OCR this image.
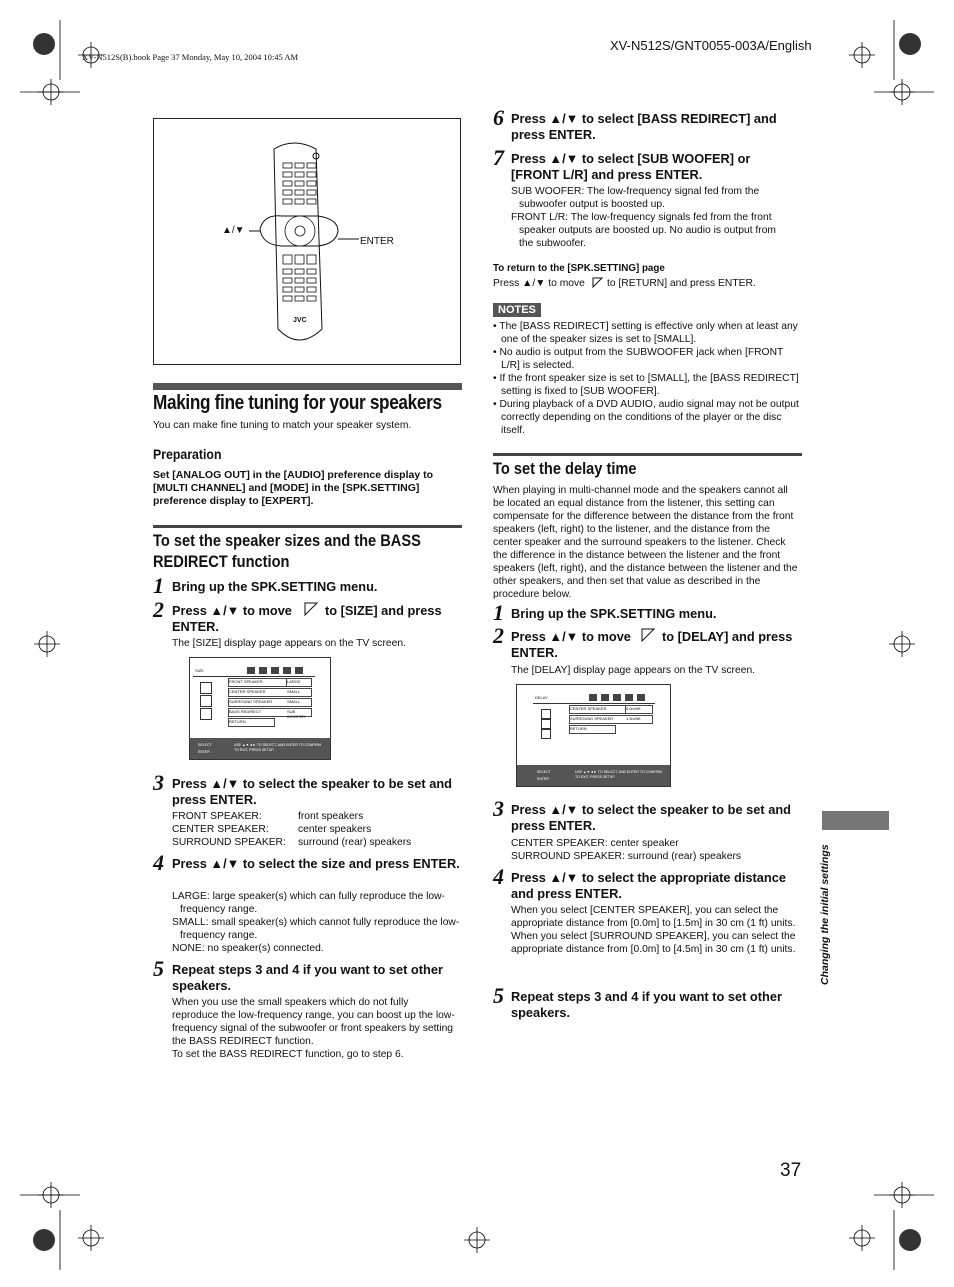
XV-N512S/GNT0055-003A/English
XV-N512S(B).book Page 37 Monday, May 10, 2004 10:45 AM
▲/▼
ENTER
JVC
Making fine tuning for your speakers
You can make fine tuning to match your speaker system.
Preparation
Set [ANALOG OUT] in the [AUDIO] preference display to [MULTI CHANNEL] and [MODE] in the [SPK.SETTING] preference display to [EXPERT].
To set the speaker sizes and the BASS
REDIRECT function
1 Bring up the SPK.SETTING menu.
2 Press ▲/▼ to move	to [SIZE] and press
ENTER.
The [SIZE] display page appears on the TV screen.
SIZE
FRONT SPEAKER	LARGE
CENTER SPEAKER	SMALL
SURROUND SPEAKER	SMALL
BASS REDIRECT	SUB WOOFER
RETURN
SELECT
ENTER
USE ▲▼◄► TO SELECT, AND ENTER TO CONFIRM
TO EXIT, PRESS SETUP.
3 Press ▲/▼ to select the speaker to be set and press ENTER.
FRONT SPEAKER:	front speakers
CENTER SPEAKER:	center speakers
SURROUND SPEAKER:	surround (rear) speakers
4 Press ▲/▼ to select the size and press ENTER.
LARGE: large speaker(s) which can fully reproduce the low-frequency range.
SMALL: small speaker(s) which cannot fully reproduce the low-frequency range.
NONE: no speaker(s) connected.
5 Repeat steps 3 and 4 if you want to set other speakers.
When you use the small speakers which do not fully reproduce the low-frequency range, you can boost up the low-frequency signal of the subwoofer or front speakers by setting the BASS REDIRECT function.
To set the BASS REDIRECT function, go to step 6.
6 Press ▲/▼ to select [BASS REDIRECT] and press ENTER.
7 Press ▲/▼ to select [SUB WOOFER] or [FRONT L/R] and press ENTER.
SUB WOOFER: The low-frequency signal fed from the subwoofer output is boosted up.
FRONT L/R: The low-frequency signals fed from the front speaker outputs are boosted up. No audio is output from the subwoofer.
To return to the [SPK.SETTING] page
Press ▲/▼ to move to [RETURN] and press ENTER.
NOTES
• The [BASS REDIRECT] setting is effective only when at least any one of the speaker sizes is set to [SMALL].
• No audio is output from the SUBWOOFER jack when [FRONT L/R] is selected.
• If the front speaker size is set to [SMALL], the [BASS REDIRECT] setting is fixed to [SUB WOOFER].
• During playback of a DVD AUDIO, audio signal may not be output correctly depending on the conditions of the player or the disc itself.
To set the delay time
When playing in multi-channel mode and the speakers cannot all be located an equal distance from the listener, this setting can compensate for the difference between the distance from the front speakers (left, right) to the listener, and the distance from the center speaker and the surround speakers to the listener. Check the difference in the distance between the listener and the front speakers (left, right), and the distance between the listener and the other speakers, and then set that value as described in the procedure below.
1 Bring up the SPK.SETTING menu.
2 Press ▲/▼ to move to [DELAY] and press
ENTER.
The [DELAY] display page appears on the TV screen.
DELAY
CENTER SPEAKER	0.0m/0ft
SURROUND SPEAKER	1.5m/5ft
RETURN
SELECT
ENTER
USE ▲▼◄► TO SELECT, AND ENTER TO CONFIRM
TO EXIT, PRESS SETUP.
3 Press ▲/▼ to select the speaker to be set and press ENTER.
CENTER SPEAKER: center speaker
SURROUND SPEAKER: surround (rear) speakers
4 Press ▲/▼ to select the appropriate distance and press ENTER.
When you select [CENTER SPEAKER], you can select the appropriate distance from [0.0m] to [1.5m] in 30 cm (1 ft) units.
When you select [SURROUND SPEAKER], you can select the appropriate distance from [0.0m] to [4.5m] in 30 cm (1 ft) units.
5 Repeat steps 3 and 4 if you want to set other speakers.
Changing the initial settings
37
